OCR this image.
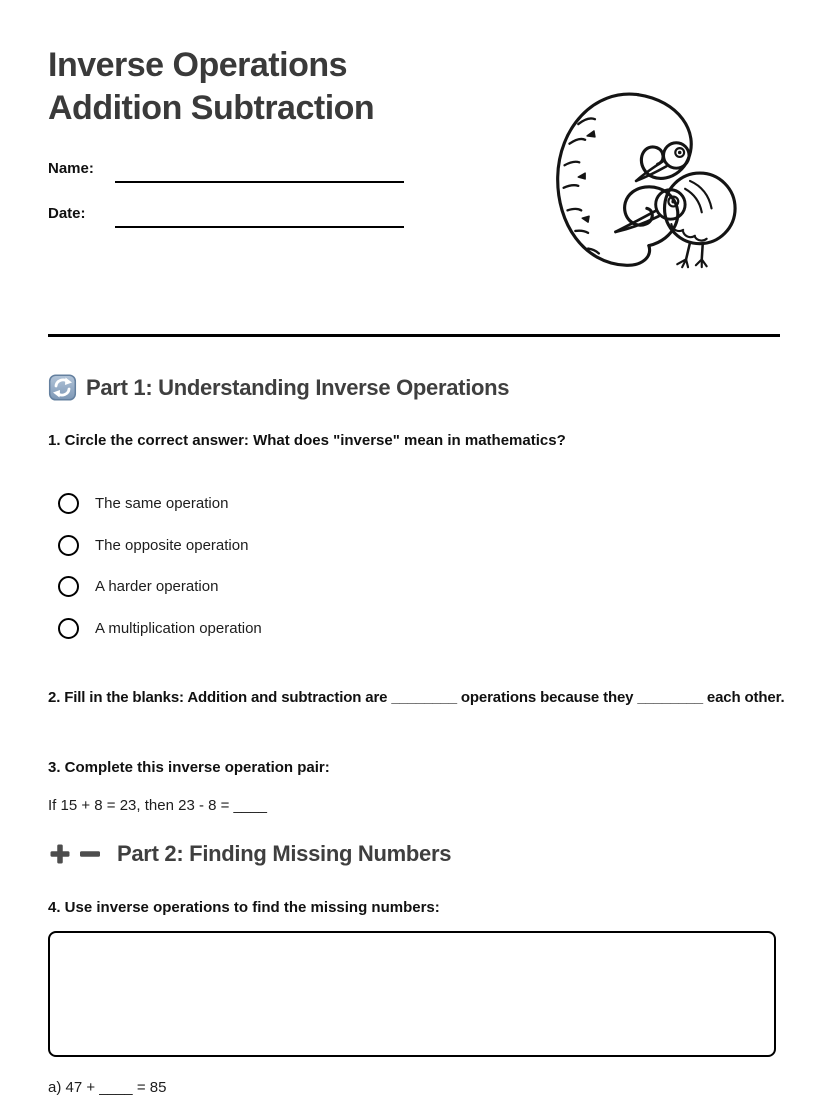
Inverse Operations
Addition Subtraction
Name:
Date:
Part 1: Understanding Inverse Operations
1. Circle the correct answer: What does "inverse" mean in mathematics?
The same operation
The opposite operation
A harder operation
A multiplication operation
2. Fill in the blanks: Addition and subtraction are ________ operations because they ________ each other.
3. Complete this inverse operation pair:
If 15 + 8 = 23, then 23 - 8 = ____
Part 2: Finding Missing Numbers
4. Use inverse operations to find the missing numbers:
a) 47 + ____ = 85
